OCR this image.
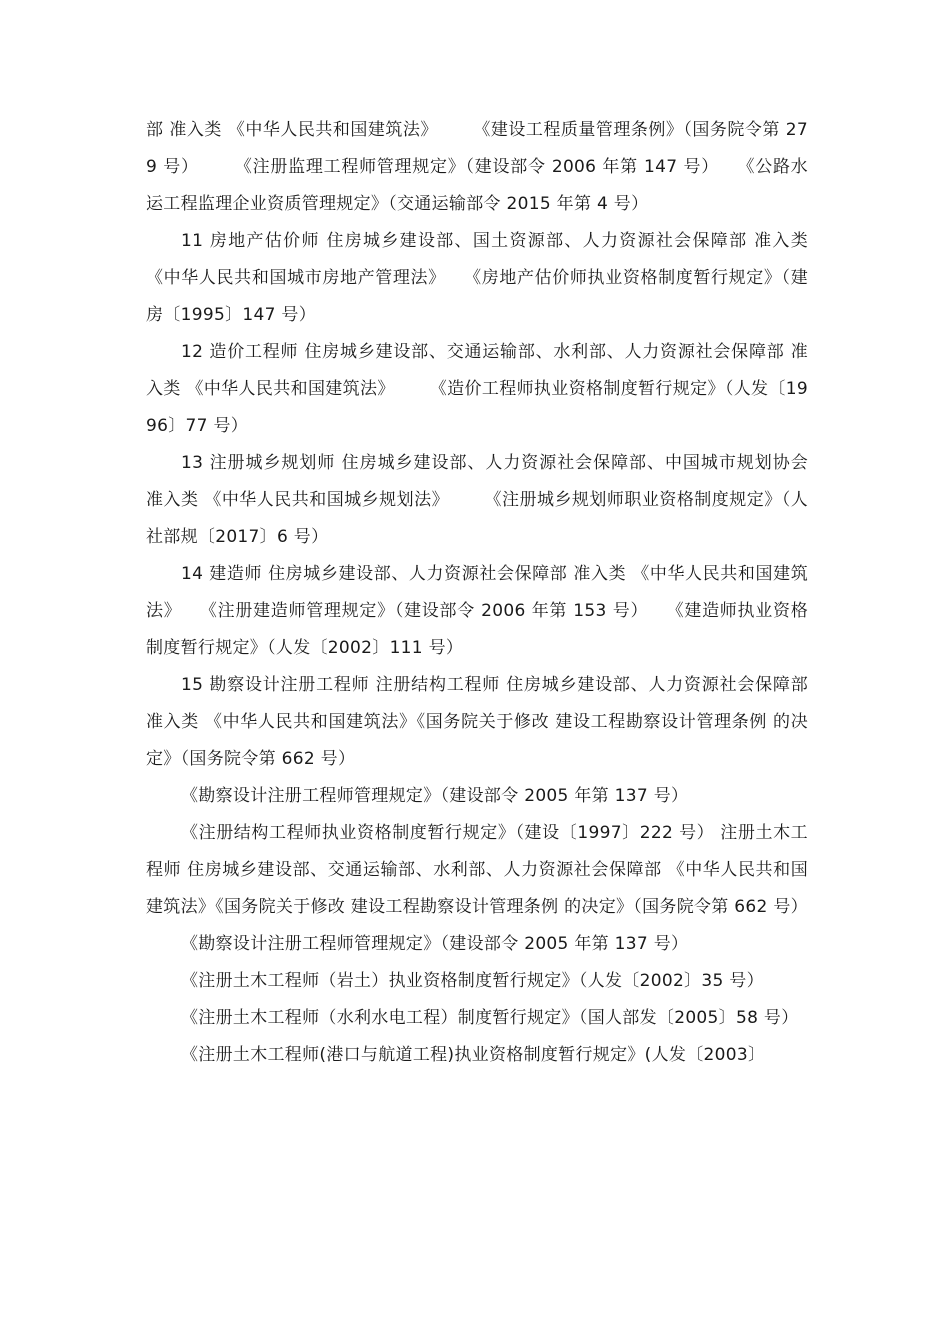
部 准入类 《中华人民共和国建筑法》　　　《建设工程质量管理条例》（国务院令第 279 号）　　　《注册监理工程师管理规定》（建设部令 2006 年第 147 号）　　《公路水运工程监理企业资质管理规定》（交通运输部令 2015 年第 4 号）

11 房地产估价师 住房城乡建设部、国土资源部、人力资源社会保障部 准入类 《中华人民共和国城市房地产管理法》　　《房地产估价师执业资格制度暂行规定》（建房〔1995〕147 号）

12 造价工程师 住房城乡建设部、交通运输部、水利部、人力资源社会保障部 准入类 《中华人民共和国建筑法》　　　《造价工程师执业资格制度暂行规定》（人发〔1996〕77 号）

13 注册城乡规划师 住房城乡建设部、人力资源社会保障部、中国城市规划协会 准入类 《中华人民共和国城乡规划法》　　　《注册城乡规划师职业资格制度规定》（人社部规〔2017〕6 号）

14 建造师 住房城乡建设部、人力资源社会保障部 准入类 《中华人民共和国建筑法》　　《注册建造师管理规定》（建设部令 2006 年第 153 号）　　《建造师执业资格制度暂行规定》（人发〔2002〕111 号）

15 勘察设计注册工程师 注册结构工程师 住房城乡建设部、人力资源社会保障部 准入类 《中华人民共和国建筑法》《国务院关于修改 建设工程勘察设计管理条例 的决定》（国务院令第 662 号）

《勘察设计注册工程师管理规定》（建设部令 2005 年第 137 号）

《注册结构工程师执业资格制度暂行规定》（建设〔1997〕222 号） 注册土木工程师 住房城乡建设部、交通运输部、水利部、人力资源社会保障部 《中华人民共和国建筑法》《国务院关于修改 建设工程勘察设计管理条例 的决定》（国务院令第 662 号）

《勘察设计注册工程师管理规定》（建设部令 2005 年第 137 号）

《注册土木工程师（岩土）执业资格制度暂行规定》（人发〔2002〕35 号）

《注册土木工程师（水利水电工程）制度暂行规定》（国人部发〔2005〕58 号）

《注册土木工程师(港口与航道工程)执业资格制度暂行规定》(人发〔2003〕
